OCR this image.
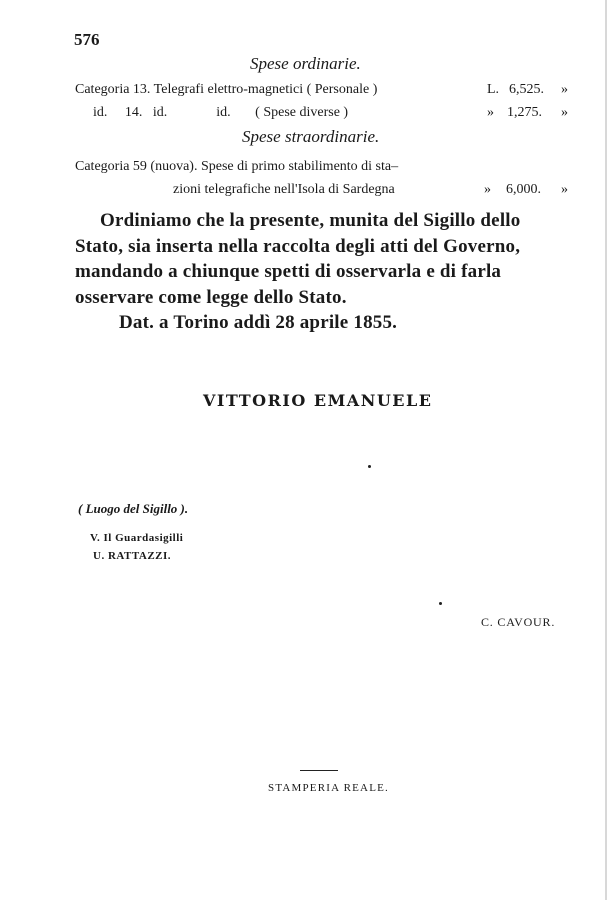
576
Spese ordinarie.
Categoria 13. Telegrafi elettro-magnetici ( Personale )	L. 6,525. »
id.     14.   id.              id.       ( Spese diverse )	» 1,275. »
Spese straordinarie.
Categoria 59 (nuova). Spese di primo stabilimento di sta–
zioni telegrafiche nell'Isola di Sardegna	» 6,000. »
Ordiniamo che la presente, munita del Sigillo dello
Stato, sia inserta nella raccolta degli atti del Governo,
mandando a chiunque spetti di osservarla e di farla
osservare come legge dello Stato.
Dat. a Torino addì 28 aprile 1855.
VITTORIO EMANUELE
( Luogo del Sigillo ).
V. Il Guardasigilli
U. RATTAZZI.
C. CAVOUR.
STAMPERIA REALE.
